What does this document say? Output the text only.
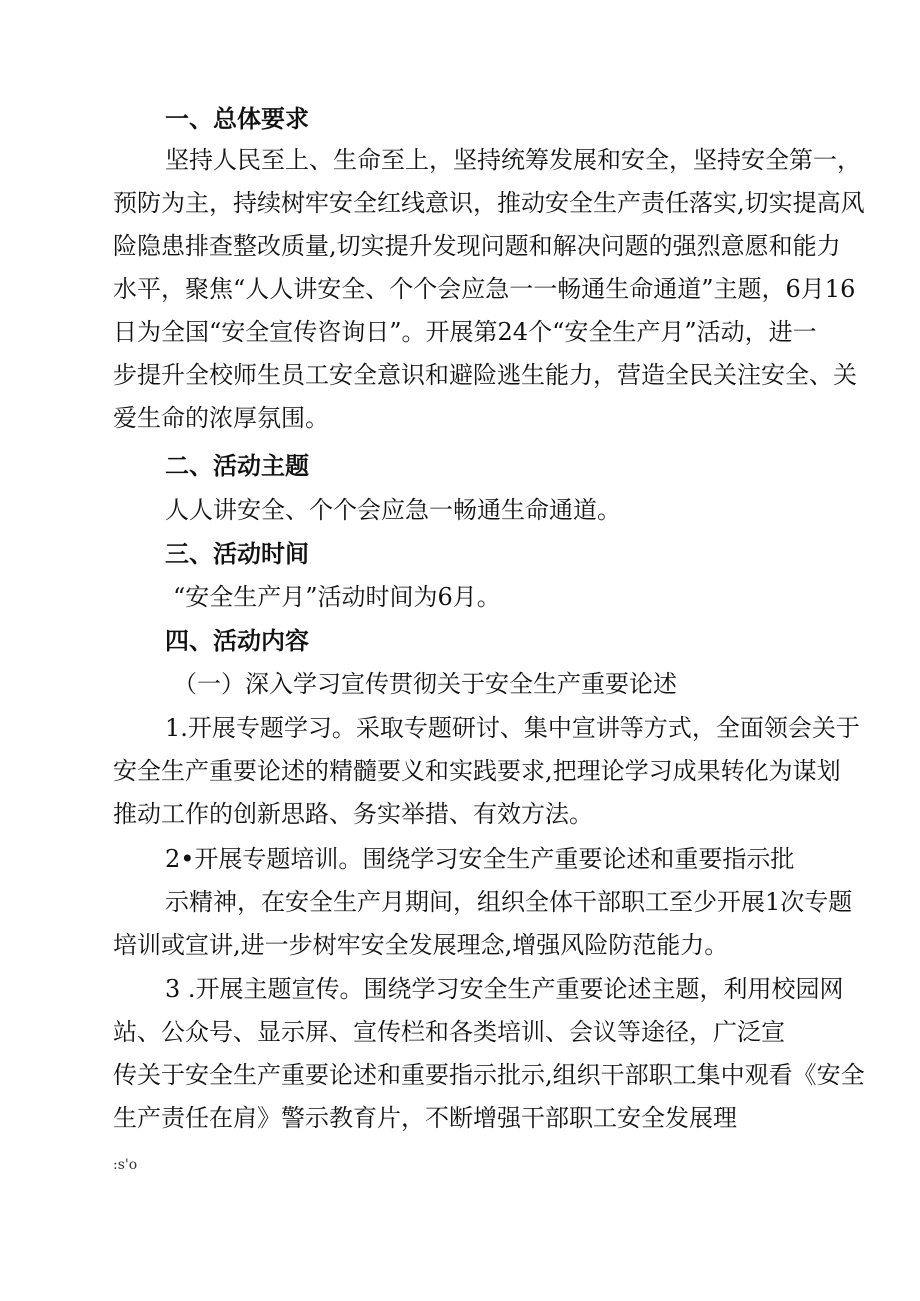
一、总体要求
坚持人民至上、生命至上，坚持统筹发展和安全，坚持安全第一，
预防为主，持续树牢安全红线意识，推动安全生产责任落实,切实提高风
险隐患排查整改质量,切实提升发现问题和解决问题的强烈意愿和能力
水平，聚焦“人人讲安全、个个会应急一一畅通生命通道”主题，6月16
日为全国“安全宣传咨询日”。开展第24个“安全生产月”活动，进一
步提升全校师生员工安全意识和避险逃生能力，营造全民关注安全、关
爱生命的浓厚氛围。
二、活动主题
人人讲安全、个个会应急一畅通生命通道。
三、活动时间
“安全生产月”活动时间为6月。
四、活动内容
（一）深入学习宣传贯彻关于安全生产重要论述
1.开展专题学习。采取专题研讨、集中宣讲等方式，全面领会关于
安全生产重要论述的精髓要义和实践要求,把理论学习成果转化为谋划
推动工作的创新思路、务实举措、有效方法。
2•开展专题培训。围绕学习安全生产重要论述和重要指示批
示精神，在安全生产月期间，组织全体干部职工至少开展1次专题
培训或宣讲,进一步树牢安全发展理念,增强风险防范能力。
3 .开展主题宣传。围绕学习安全生产重要论述主题，利用校园网
站、公众号、显示屏、宣传栏和各类培训、会议等途径，广泛宣
传关于安全生产重要论述和重要指示批示,组织干部职工集中观看《安全
生产责任在肩》警示教育片，不断增强干部职工安全发展理
:s'o
